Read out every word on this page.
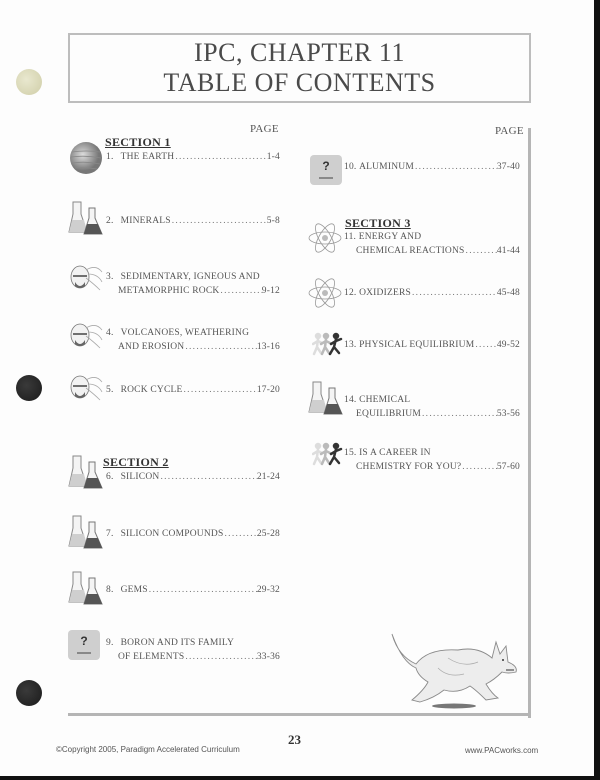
IPC, CHAPTER 11
TABLE OF CONTENTS
PAGE	PAGE
SECTION 1
1.
THE EARTH .....	1-4
2.
MINERALS .....	5-8
3.
SEDIMENTARY, IGNEOUS AND
METAMORPHIC ROCK .....	9-12
4.
VOLCANOES, WEATHERING
AND EROSION .....	13-16
5.
ROCK CYCLE .....	17-20
SECTION 2
6.
SILICON .....	21-24
7.
SILICON COMPOUNDS .....	25-28
8.
GEMS .....	29-32
?	9.
BORON AND ITS FAMILY
OF ELEMENTS .....	33-36
?	10.
ALUMINUM .....	37-40
SECTION 3
11.
ENERGY AND
CHEMICAL REACTIONS .....	41-44
12.
OXIDIZERS .....	45-48
13.
PHYSICAL EQUILIBRIUM ..... 49-52
14.
CHEMICAL
EQUILIBRIUM .....	53-56
15.
IS A CAREER IN
CHEMISTRY FOR YOU? .....	57-60
23
©Copyright 2005, Paradigm Accelerated Curriculum	www.PACworks.com
